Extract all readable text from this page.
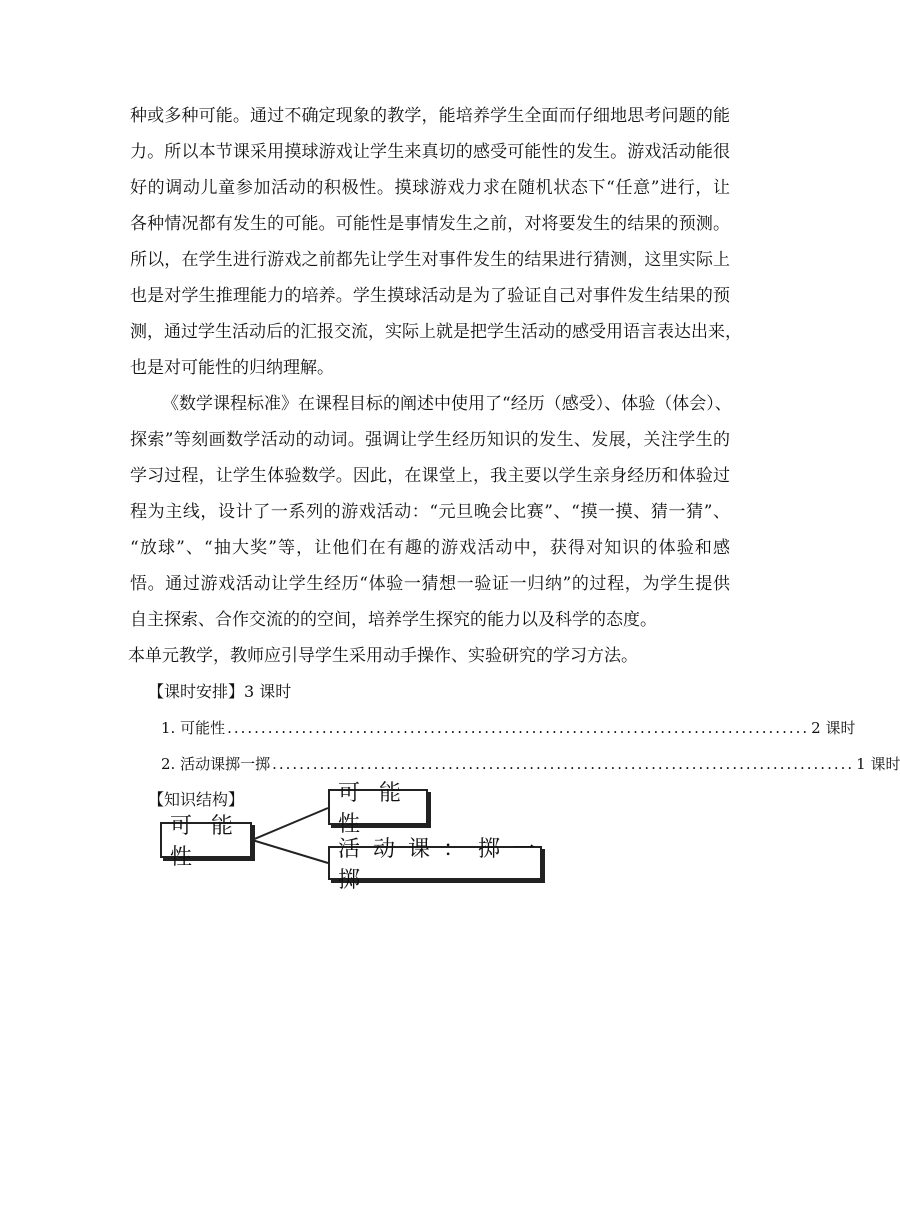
种或多种可能。通过不确定现象的教学，能培养学生全面而仔细地思考问题的能
力。所以本节课采用摸球游戏让学生来真切的感受可能性的发生。游戏活动能很
好的调动儿童参加活动的积极性。摸球游戏力求在随机状态下“任意”进行，让
各种情况都有发生的可能。可能性是事情发生之前，对将要发生的结果的预测。
所以，在学生进行游戏之前都先让学生对事件发生的结果进行猜测，这里实际上
也是对学生推理能力的培养。学生摸球活动是为了验证自己对事件发生结果的预
测，通过学生活动后的汇报交流，实际上就是把学生活动的感受用语言表达出来，
也是对可能性的归纳理解。
《数学课程标准》在课程目标的阐述中使用了“经历（感受）、体验（体会）、
探索”等刻画数学活动的动词。强调让学生经历知识的发生、发展，关注学生的
学习过程，让学生体验数学。因此，在课堂上，我主要以学生亲身经历和体验过
程为主线，设计了一系列的游戏活动：“元旦晚会比赛”、“摸一摸、猜一猜”、
“放球”、“抽大奖”等，让他们在有趣的游戏活动中，获得对知识的体验和感
悟。通过游戏活动让学生经历“体验一猜想一验证一归纳”的过程，为学生提供
自主探索、合作交流的的空间，培养学生探究的能力以及科学的态度。
本单元教学，教师应引导学生采用动手操作、实验研究的学习方法。
【课时安排】3 课时
1. 可能性 ...................................................................................... 2 课时
2. 活动课掷一掷 ...................................................................................... 1 课时
【知识结构】
可 能 性
可 能 性
活 动 课 ： 掷 一 掷
